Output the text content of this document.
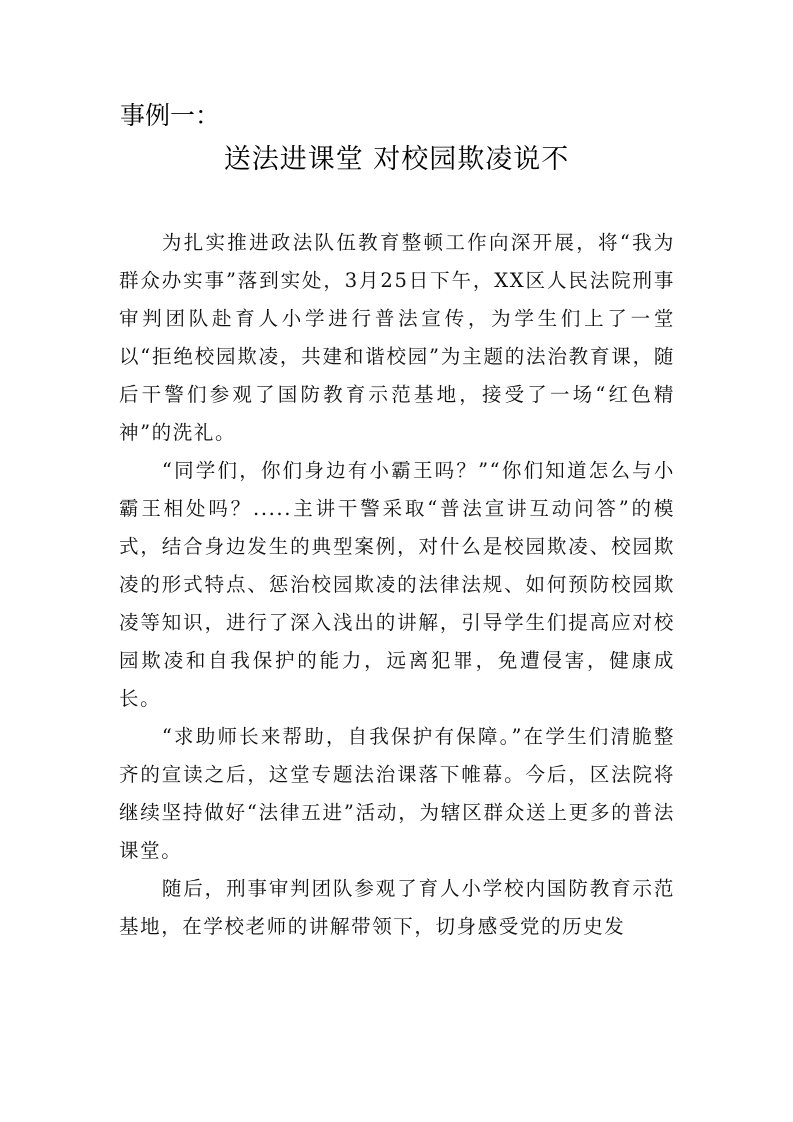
事例一：
送法进课堂 对校园欺凌说不

为扎实推进政法队伍教育整顿工作向深开展，将“我为群众办实事”落到实处，3月25日下午，XX区人民法院刑事审判团队赴育人小学进行普法宣传，为学生们上了一堂以“拒绝校园欺凌，共建和谐校园”为主题的法治教育课，随后干警们参观了国防教育示范基地，接受了一场“红色精神”的洗礼。

“同学们，你们身边有小霸王吗？”“你们知道怎么与小霸王相处吗？.....主讲干警采取“普法宣讲互动问答”的模式，结合身边发生的典型案例，对什么是校园欺凌、校园欺凌的形式特点、惩治校园欺凌的法律法规、如何预防校园欺凌等知识，进行了深入浅出的讲解，引导学生们提高应对校园欺凌和自我保护的能力，远离犯罪，免遭侵害，健康成长。

“求助师长来帮助，自我保护有保障。”在学生们清脆整齐的宣读之后，这堂专题法治课落下帷幕。今后，区法院将继续坚持做好“法律五进”活动，为辖区群众送上更多的普法课堂。

随后，刑事审判团队参观了育人小学校内国防教育示范基地，在学校老师的讲解带领下，切身感受党的历史发
